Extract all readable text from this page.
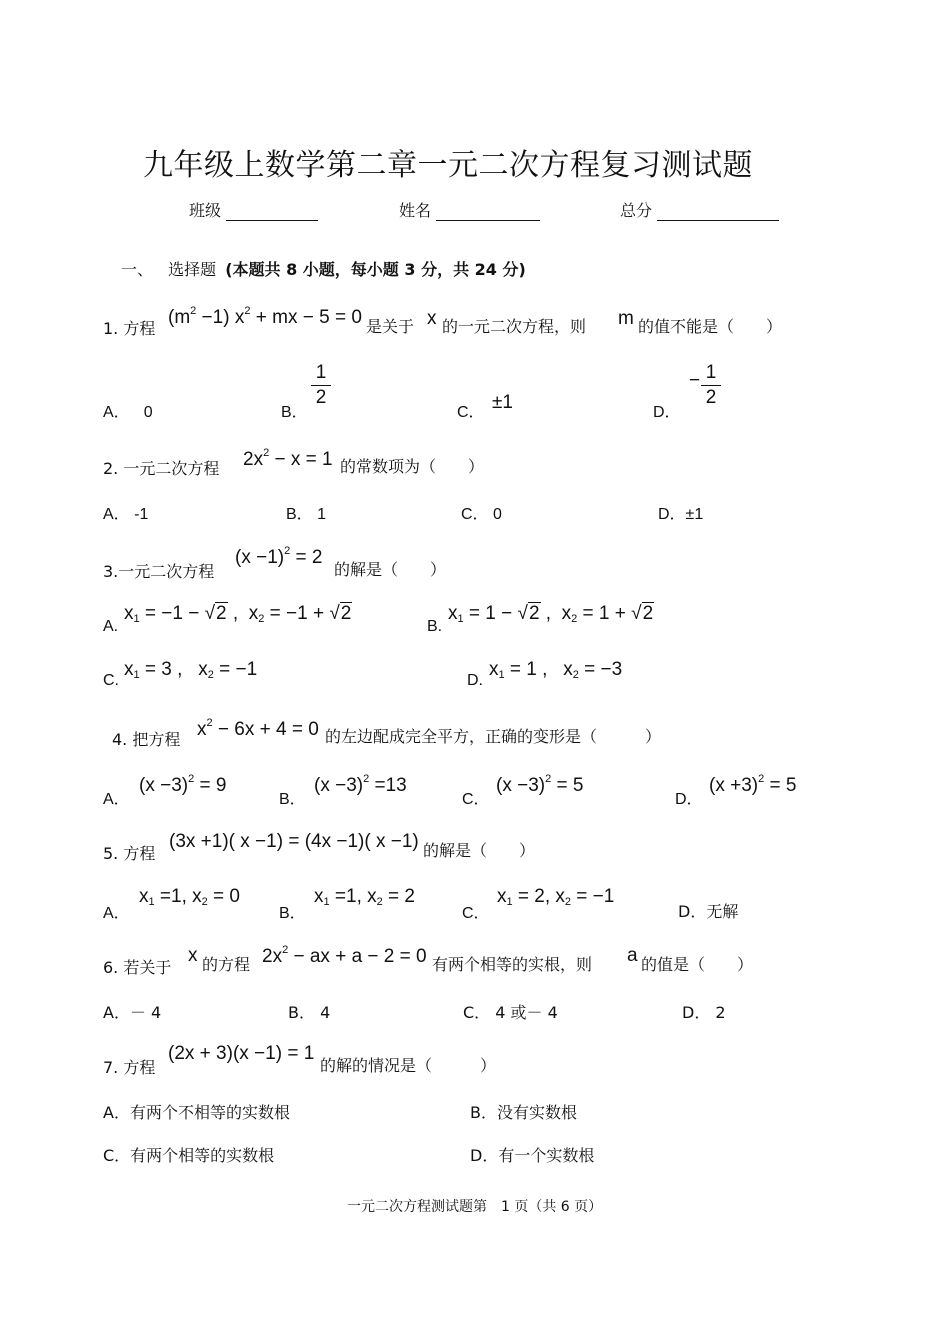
九年级上数学第二章一元二次方程复习测试题
班级	姓名	总分
一、 选择题 (本题共 8 小题，每小题 3 分，共 24 分)
1. 方程
$(m^2 -1) x^2$ + mx − 5 = 0 是关于 x 的一元二次方程，则 m 的值不能是（　　）
A． 0	B．
1
2
C． ±1	D．
− 1
2
2. 一元二次方程 $2x^2 - x = 1$ 的常数项为（　　）
A． -1	B． 1	C． 0	D．±1
3.一元二次方程
$(x -1)^2 = 2$
的解是（　　）
A.
$x_1 = -1 - √2$ ,  $x_2 = -1 + √2$
B.
$x_1 = 1 - √2$ ,  $x_2 = 1 + √2$
C.
$x_1 = 3$ ,   $x_2 = -1$
D.
$x_1 = 1$ ,   $x_2 = -3$
4. 把方程 $x^2 - 6x + 4 = 0$ 的左边配成完全平方，正确的变形是（　　　）
A．
$(x -3)^2 = 9$
B．
$(x -3)^2 =13$
C．
$(x -3)^2 = 5$
D．
$(x +3)^2 = 5$
5. 方程
(3x +1)( x −1) = (4x −1)( x −1) 的解是（　　）
A．
$x_1 =1$, $x_2 = 0$
B．
$x_1 =1$, $x_2 = 2$
C．
$x_1 = 2$, $x_2 = -1$
D．无解
6. 若关于
x 的方程 $2x^2$ − ax + a − 2 = 0 有两个相等的实根，则 a 的值是（　　）
A．－ 4	B． 4	C． 4 或－ 4	D． 2
7. 方程
(2x + 3)(x −1) = 1
的解的情况是（　　　）
A．有两个不相等的实数根	B．没有实数根
C．有两个相等的实数根	D．有一个实数根
一元二次方程测试题第　1 页（共 6 页）
